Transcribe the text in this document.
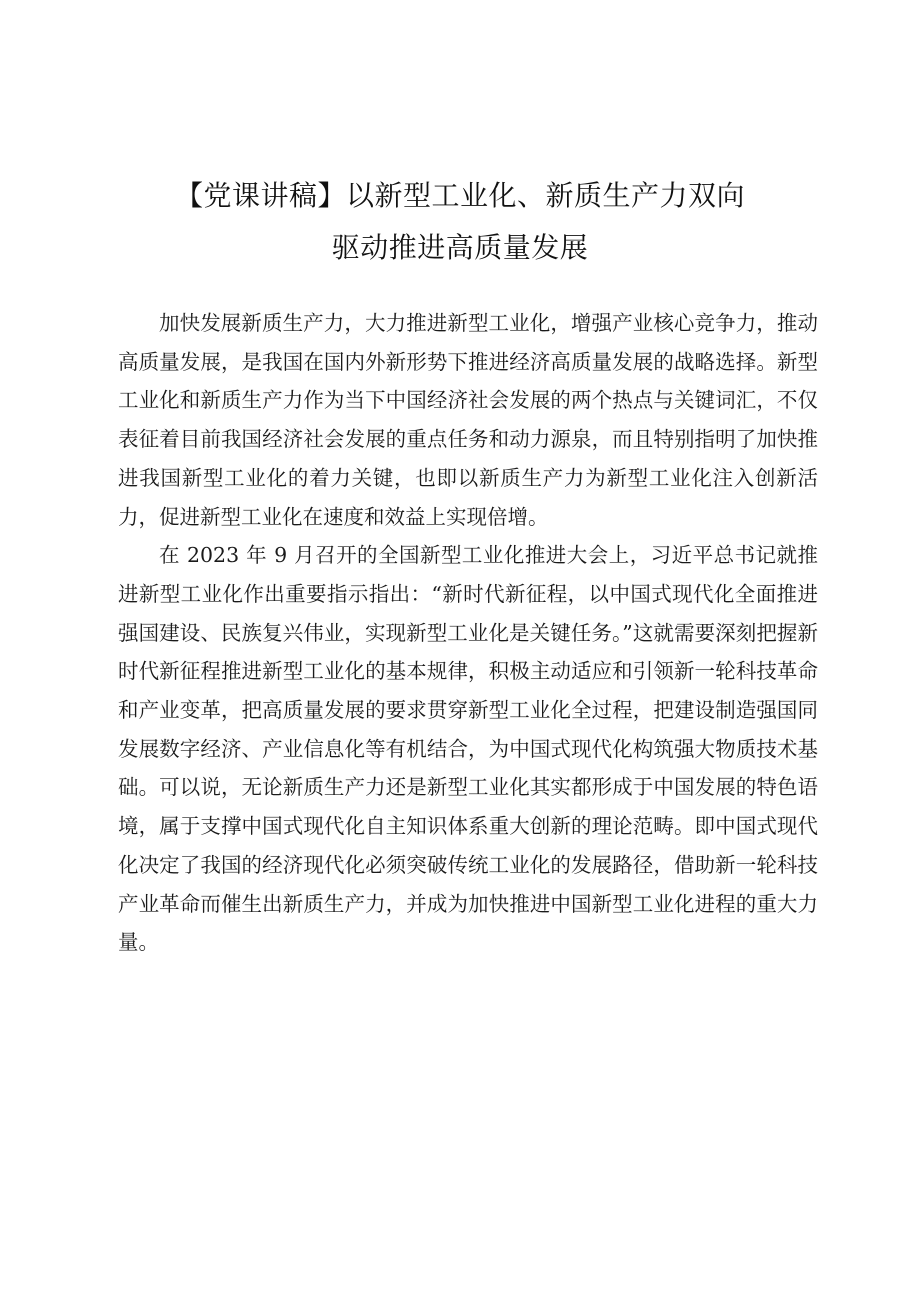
【党课讲稿】以新型工业化、新质生产力双向
驱动推进高质量发展

加快发展新质生产力，大力推进新型工业化，增强产业核心竞争力，推动高质量发展，是我国在国内外新形势下推进经济高质量发展的战略选择。新型工业化和新质生产力作为当下中国经济社会发展的两个热点与关键词汇，不仅表征着目前我国经济社会发展的重点任务和动力源泉，而且特别指明了加快推进我国新型工业化的着力关键，也即以新质生产力为新型工业化注入创新活力，促进新型工业化在速度和效益上实现倍增。

在 2023 年 9 月召开的全国新型工业化推进大会上，习近平总书记就推进新型工业化作出重要指示指出：“新时代新征程，以中国式现代化全面推进强国建设、民族复兴伟业，实现新型工业化是关键任务。”这就需要深刻把握新时代新征程推进新型工业化的基本规律，积极主动适应和引领新一轮科技革命和产业变革，把高质量发展的要求贯穿新型工业化全过程，把建设制造强国同发展数字经济、产业信息化等有机结合，为中国式现代化构筑强大物质技术基础。可以说，无论新质生产力还是新型工业化其实都形成于中国发展的特色语境，属于支撑中国式现代化自主知识体系重大创新的理论范畴。即中国式现代化决定了我国的经济现代化必须突破传统工业化的发展路径，借助新一轮科技产业革命而催生出新质生产力，并成为加快推进中国新型工业化进程的重大力量。
